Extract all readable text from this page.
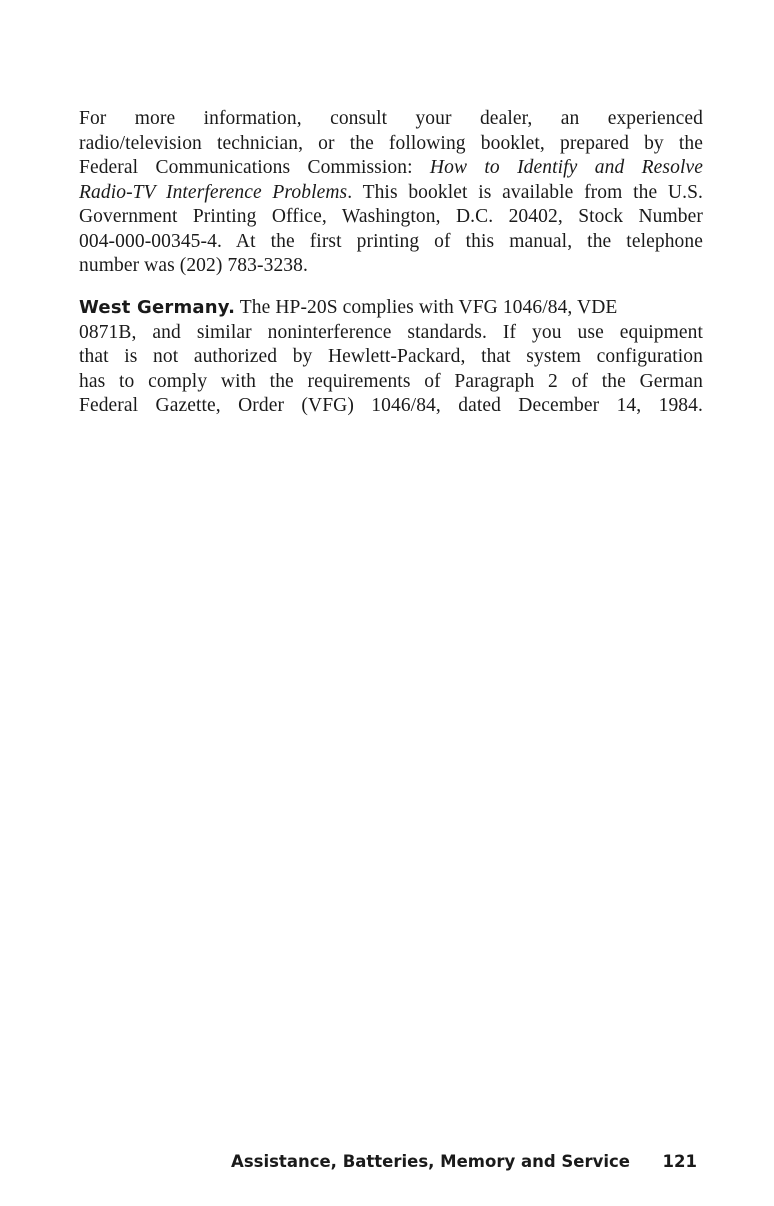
For more information, consult your dealer, an experienced
radio/television technician, or the following booklet, prepared by the
Federal Communications Commission: How to Identify and Resolve
Radio-TV Interference Problems. This booklet is available from the U.S.
Government Printing Office, Washington, D.C. 20402, Stock Number
004-000-00345-4. At the first printing of this manual, the telephone
number was (202) 783-3238.

West Germany. The HP-20S complies with VFG 1046/84, VDE
0871B, and similar noninterference standards. If you use equipment
that is not authorized by Hewlett-Packard, that system configuration
has to comply with the requirements of Paragraph 2 of the German
Federal Gazette, Order (VFG) 1046/84, dated December 14, 1984.

Assistance, Batteries, Memory and Service 121
